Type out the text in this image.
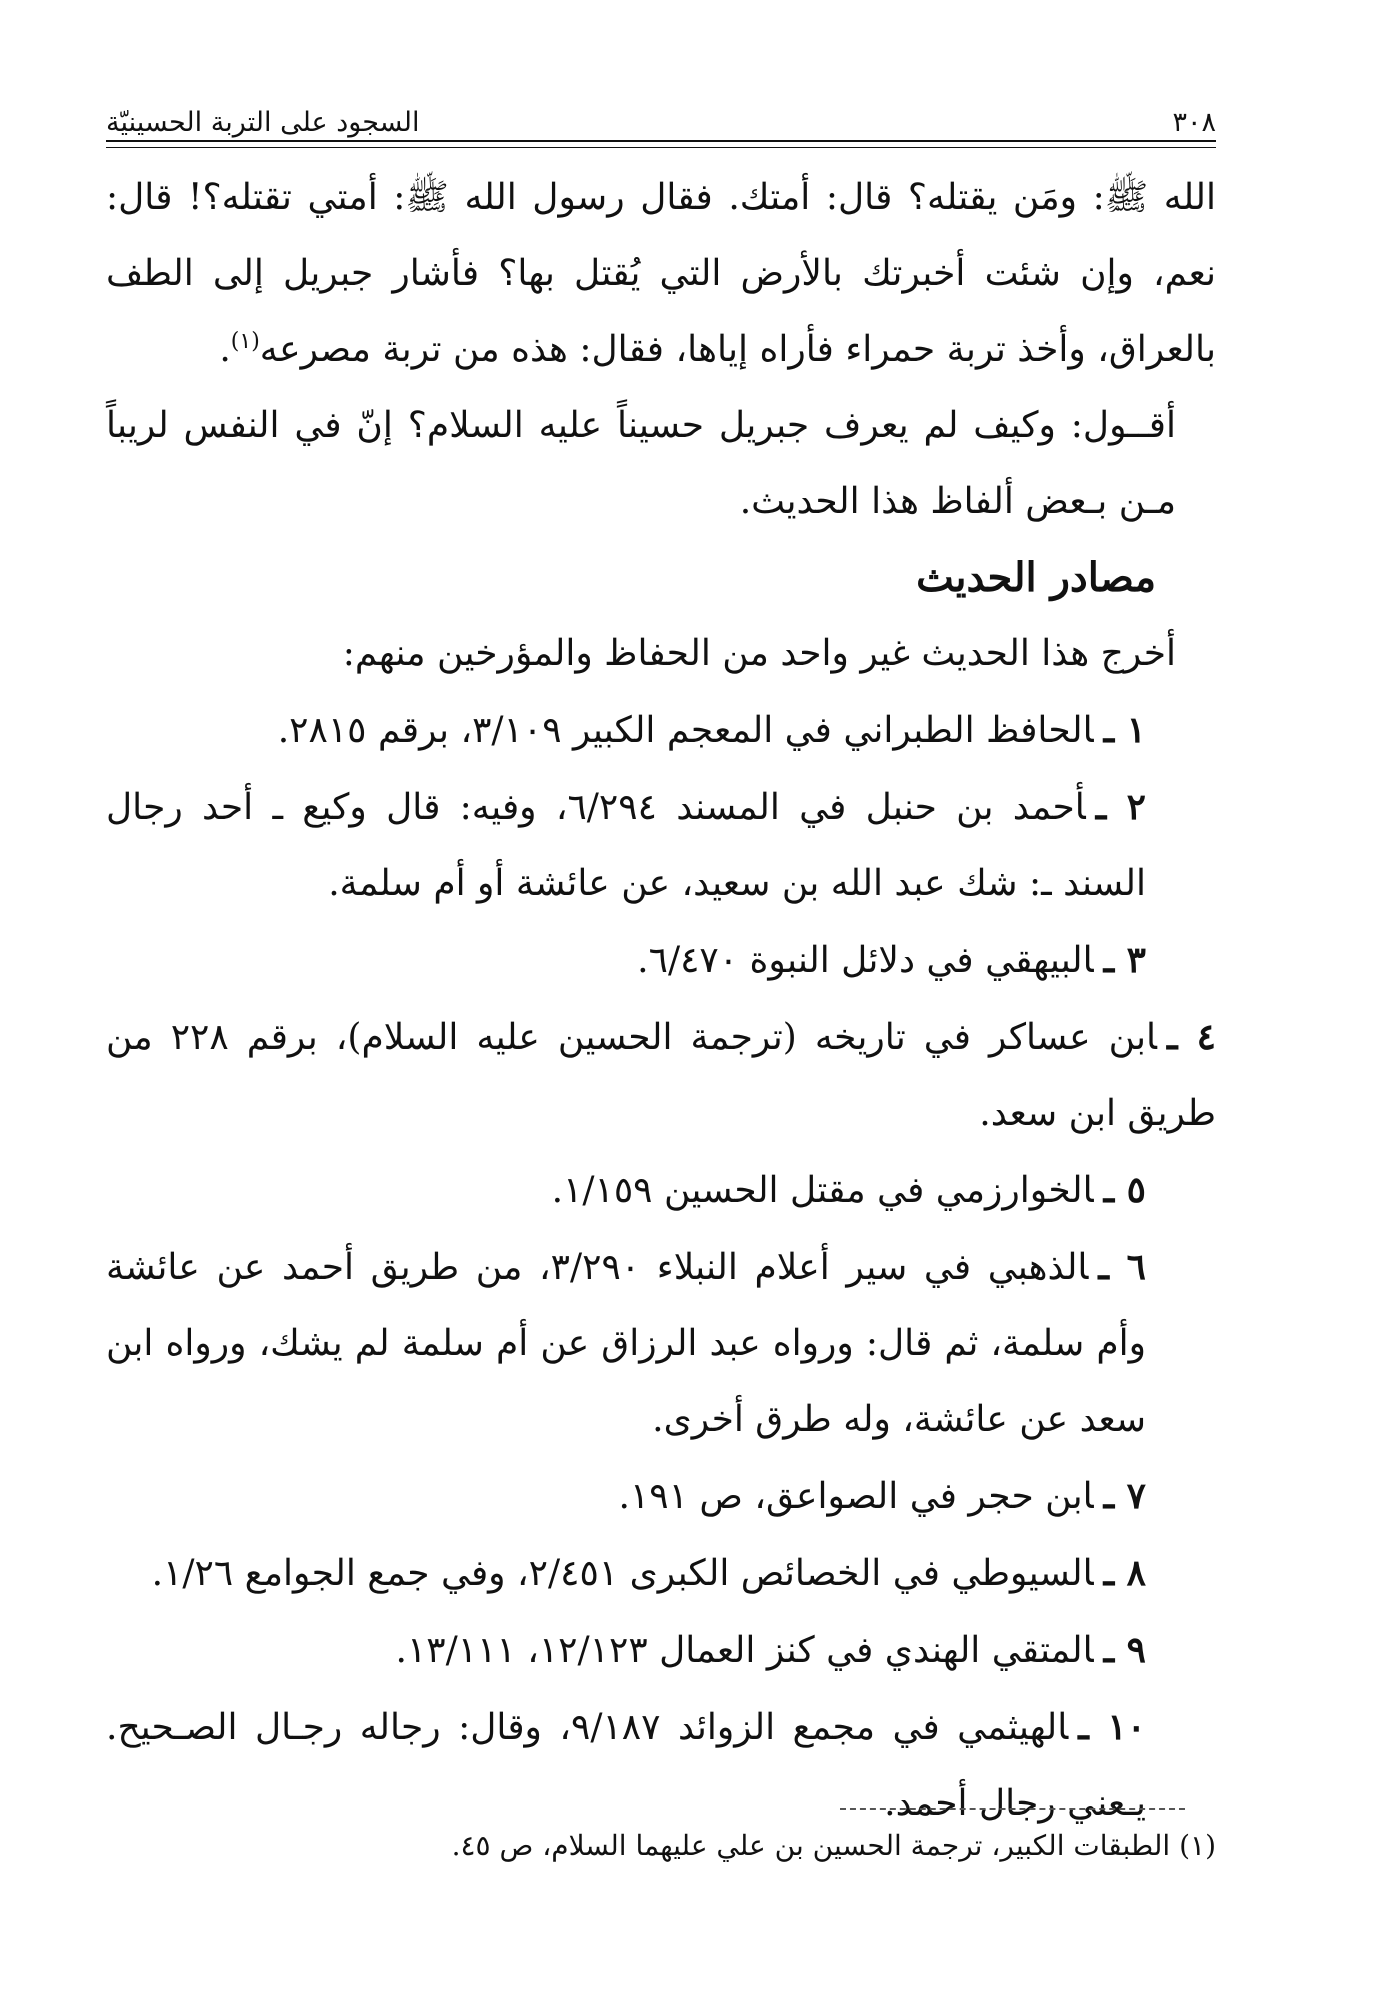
٣٠٨
السجود على التربة الحسينيّة

الله ﷺ: ومَن يقتله؟ قال: أمتك. فقال رسول الله ﷺ: أمتي تقتله؟! قال: نعم، وإن شئت أخبرتك بالأرض التي يُقتل بها؟ فأشار جبريل إلى الطف بالعراق، وأخذ تربة حمراء فأراه إياها، فقال: هذه من تربة مصرعه$^{(١)}$.

أقــول: وكيف لم يعرف جبريل حسيناً عليه السلام؟ إنّ في النفس لريباً مـن بـعض ألفاظ هذا الحديث.

مصادر الحديث

أخرج هذا الحديث غير واحد من الحفاظ والمؤرخين منهم:

١ ـالحافظ الطبراني في المعجم الكبير ٣/١٠٩، برقم ٢٨١٥.

٢ ـأحمد بن حنبل في المسند ٦/٢٩٤، وفيه: قال وكيع ـ أحد رجال السند ـ: شك عبد الله بن سعيد، عن عائشة أو أم سلمة.

٣ ـالبيهقي في دلائل النبوة ٦/٤٧٠.

٤ ـابن عساكر في تاريخه (ترجمة الحسين عليه السلام)، برقم ٢٢٨ من طريق ابن سعد.

٥ ـالخوارزمي في مقتل الحسين ١/١٥٩.

٦ ـالذهبي في سير أعلام النبلاء ٣/٢٩٠، من طريق أحمد عن عائشة وأم سلمة، ثم قال: ورواه عبد الرزاق عن أم سلمة لم يشك، ورواه ابن سعد عن عائشة، وله طرق أخرى.

٧ ـابن حجر في الصواعق، ص ١٩١.

٨ ـالسيوطي في الخصائص الكبرى ٢/٤٥١، وفي جمع الجوامع ١/٢٦.

٩ ـالمتقي الهندي في كنز العمال ١٢/١٢٣، ١٣/١١١.

١٠ ـالهيثمي في مجمع الزوائد ٩/١٨٧، وقال: رجاله رجـال الصـحيح. يـعني رجال أحمد.

(١) الطبقات الكبير، ترجمة الحسين بن علي عليهما السلام، ص ٤٥.
